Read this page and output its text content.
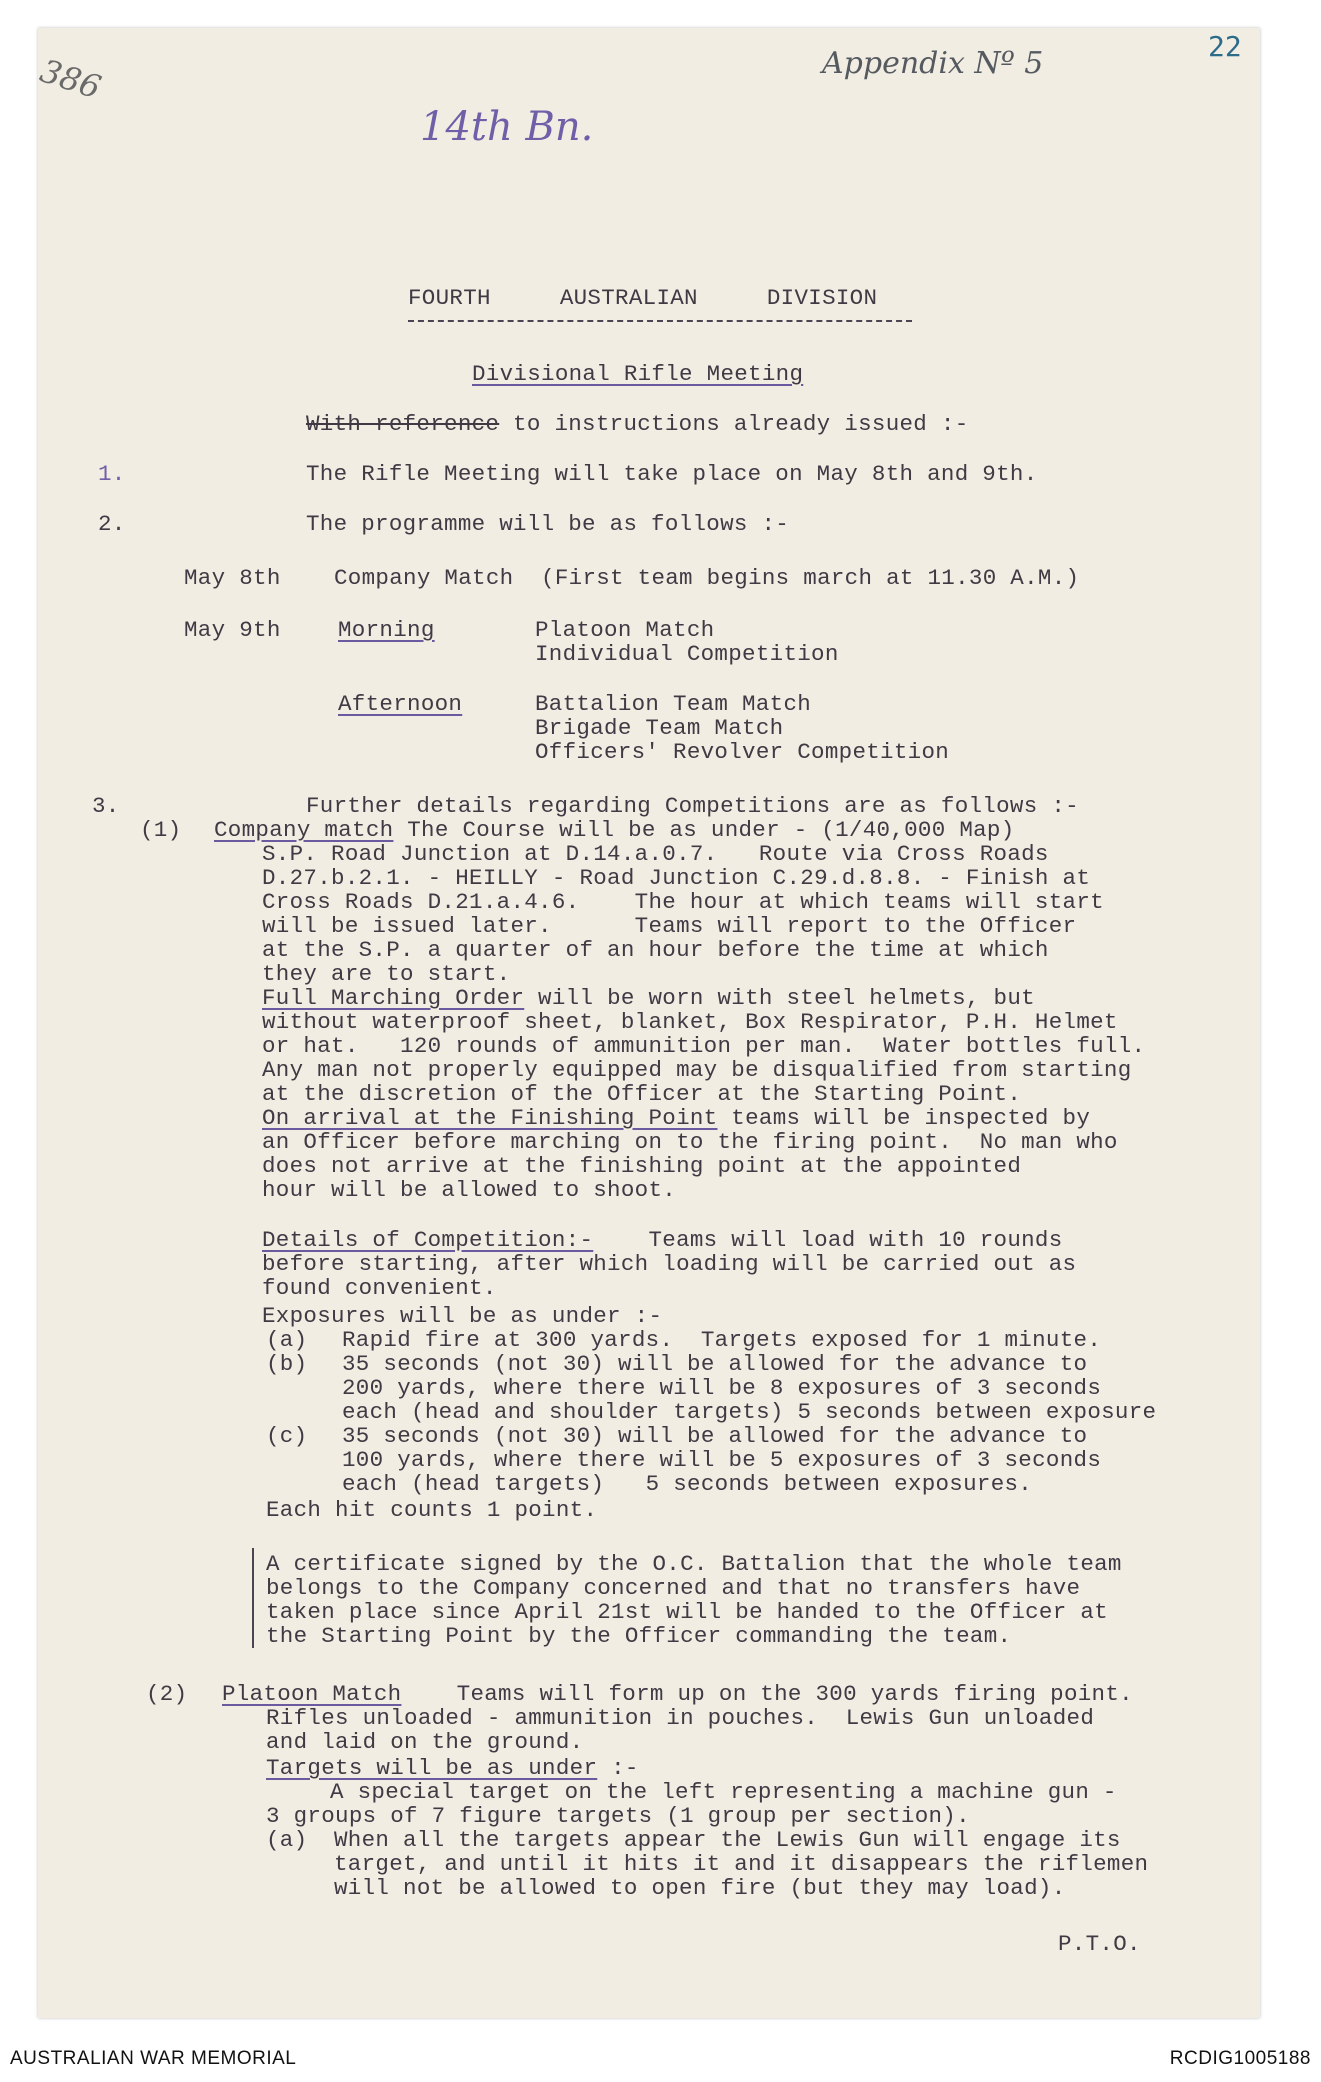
386	Appendix Nº 5	22
14th Bn.
FOURTH     AUSTRALIAN     DIVISION
Divisional Rifle Meeting
With reference to instructions already issued :-
1.	The Rifle Meeting will take place on May 8th and 9th.
2.	The programme will be as follows :-
May 8th Company Match  (First team begins march at 11.30 A.M.)
May 9th	Morning	Platoon Match
Individual Competition
Afternoon	Battalion Team Match
Brigade Team Match
Officers' Revolver Competition
3.	Further details regarding Competitions are as follows :-
(1) Company match The Course will be as under - (1/40,000 Map)
S.P. Road Junction at D.14.a.0.7.   Route via Cross Roads
D.27.b.2.1. - HEILLY - Road Junction C.29.d.8.8. - Finish at
Cross Roads D.21.a.4.6.    The hour at which teams will start
will be issued later.      Teams will report to the Officer
at the S.P. a quarter of an hour before the time at which
they are to start.
Full Marching Order will be worn with steel helmets, but
without waterproof sheet, blanket, Box Respirator, P.H. Helmet
or hat.   120 rounds of ammunition per man.  Water bottles full.
Any man not properly equipped may be disqualified from starting
at the discretion of the Officer at the Starting Point.
On arrival at the Finishing Point teams will be inspected by
an Officer before marching on to the firing point.  No man who
does not arrive at the finishing point at the appointed
hour will be allowed to shoot.
Details of Competition:-    Teams will load with 10 rounds
before starting, after which loading will be carried out as
found convenient.
Exposures will be as under :-
(a) Rapid fire at 300 yards.  Targets exposed for 1 minute.
(b) 35 seconds (not 30) will be allowed for the advance to
200 yards, where there will be 8 exposures of 3 seconds
each (head and shoulder targets) 5 seconds between exposure
(c) 35 seconds (not 30) will be allowed for the advance to
100 yards, where there will be 5 exposures of 3 seconds
each (head targets)   5 seconds between exposures.
Each hit counts 1 point.
A certificate signed by the O.C. Battalion that the whole team
belongs to the Company concerned and that no transfers have
taken place since April 21st will be handed to the Officer at
the Starting Point by the Officer commanding the team.
(2) Platoon Match    Teams will form up on the 300 yards firing point.
Rifles unloaded - ammunition in pouches.  Lewis Gun unloaded
and laid on the ground.
Targets will be as under :-
A special target on the left representing a machine gun -
3 groups of 7 figure targets (1 group per section).
(a) When all the targets appear the Lewis Gun will engage its
target, and until it hits it and it disappears the riflemen
will not be allowed to open fire (but they may load).
P.T.O.
AUSTRALIAN WAR MEMORIAL	RCDIG1005188
